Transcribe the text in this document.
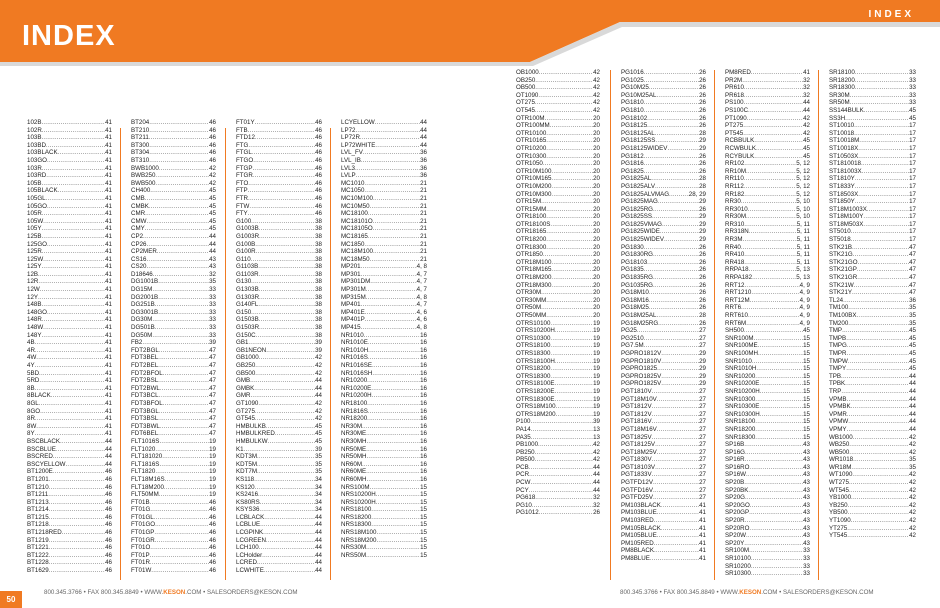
INDEX
INDEX
102B .....	41
102R .....	41
103B .....	41
103BD .....	41
103BLACK .....	41
103GO .....	41
103R .....	41
103RD .....	41
105B .....	41
105BLACK .....	41
105GL .....	41
105GO .....	41
105R .....	41
105W .....	41
105Y .....	41
125B .....	41
125GO .....	41
125R .....	41
125W .....	41
125Y .....	41
12B .....	41
12R .....	41
12W .....	41
12Y .....	41
148B .....	41
148GO .....	41
148R .....	41
148W .....	41
148Y .....	41
4B .....	41
4R .....	41
4W .....	41
4Y .....	41
5BD .....	41
5RD .....	41
8B .....	41
8BLACK .....	41
8GL .....	41
8GO .....	41
8R .....	41
8W .....	41
8Y .....	41
BSCBLACK .....	44
BSCBLUE .....	44
BSCRED .....	44
BSCYELLOW .....	44
BT1200E .....	46
BT1201 .....	46
BT1210 .....	46
BT1211 .....	46
BT1213 .....	46
BT1214 .....	46
BT1215 .....	46
BT1218 .....	46
BT1218RED .....	46
BT1219 .....	46
BT1221 .....	46
BT1222 .....	46
BT1228 .....	46
BT1629 .....	46
BT204 .....	46
BT210 .....	46
BT211 .....	46
BT300 .....	46
BT304 .....	46
BT310 .....	46
BWB1000 .....	42
BWB250 .....	42
BWB500 .....	42
CH400 .....	45
CMB .....	45
CMBK .....	45
CMR .....	45
CMW .....	45
CMY .....	45
CP2 .....	44
CP26 .....	44
CP2MER .....	44
CS16 .....	43
CS20 .....	43
D18646 .....	32
DG1001B .....	35
DG15M .....	33
DG2001B .....	33
DG251B .....	33
DG3001B .....	33
DG30M .....	33
DG501B .....	33
DG50M .....	33
FB2 .....	39
FDT2BGL .....	47
FDT3BEL .....	47
FDT2BEL .....	47
FDT2BFOL .....	47
FDT2BSL .....	47
FDT2BWL .....	47
FDT3BCL .....	47
FDT3BFOL .....	47
FDT3BGL .....	47
FDT3BSL .....	47
FDT3BWL .....	47
FDT6BEL .....	47
FLT1016S .....	19
FLT1020 .....	19
FLT181020 .....	19
FLT1816S .....	19
FLT1820 .....	19
FLT18M16S .....	19
FLT18M200 .....	19
FLT50MM .....	19
FT01B .....	46
FT01G .....	46
FT01GL .....	46
FT01GO .....	46
FT01GP .....	46
FT01GR .....	46
FT01O .....	46
FT01P .....	46
FT01R .....	46
FT01W .....	46
FT01Y .....	46
FTB .....	46
FTD12 .....	46
FTG .....	46
FTGL .....	46
FTGO .....	46
FTGP .....	46
FTGR .....	46
FTO .....	46
FTP .....	46
FTR .....	46
FTW .....	46
FTY .....	46
G100 .....	38
G1003B .....	38
G1003R .....	38
G100B .....	38
G100R .....	38
G110 .....	38
G1103B .....	38
G1103R .....	38
G130 .....	38
G1303B .....	38
G1303R .....	38
G140FL .....	38
G150 .....	38
G1503B .....	38
G1503R .....	38
G150C .....	38
GB1 .....	39
GB1NEON .....	39
GB1000 .....	42
GB250 .....	42
GB500 .....	42
GMB .....	44
GMBK .....	44
GMR .....	44
GT1090 .....	42
GT275 .....	42
GT545 .....	42
HMBULKB .....	45
HMBULKRED .....	45
HMBULKW .....	45
K1 .....	39
KDT3M .....	35
KDT5M .....	35
KDT7M .....	35
KS118 .....	34
KS120 .....	34
KS2416 .....	34
KS80RS .....	34
KSYS36 .....	34
LCBLACK .....	44
LCBLUE .....	44
LCGPINK .....	44
LCGREEN .....	44
LCH100 .....	44
LCHolder .....	44
LCRED .....	44
LCWHITE .....	44
LCYELLOW .....	44
LP72 .....	44
LP72R .....	44
LP72WHITE .....	44
LVL_FV .....	36
LVL_IB .....	36
LVL3 .....	36
LVLP .....	36
MC1010 .....	21
MC1050 .....	21
MC10M100 .....	21
MC10M50 .....	21
MC18100 .....	21
MC18101O .....	21
MC18105O .....	21
MC18165 .....	21
MC1850 .....	21
MC18M100 .....	21
MC18M50 .....	21
MP201 .....	4, 8
MP301 .....	4, 7
MP301DM .....	4, 7
MP301M .....	4, 7
MP315M .....	4, 8
MP401 .....	4, 7
MP401E .....	4, 6
MP401P .....	4, 6
MP415 .....	4, 8
NR1010 .....	16
NR1010E .....	16
NR1010H .....	16
NR1016S .....	16
NR1016SE .....	16
NR1016SH .....	16
NR10200 .....	16
NR10200E .....	16
NR10200H .....	16
NR18100 .....	16
NR1816S .....	16
NR18200 .....	16
NR30M .....	16
NR30ME .....	16
NR30MH .....	16
NR50ME .....	16
NR50MH .....	16
NR60M .....	16
NR60ME .....	16
NR60MH .....	16
NRS100M .....	15
NRS10200H .....	15
NRS10200H .....	15
NRS18100 .....	15
NRS18200 .....	15
NRS18300 .....	15
NRS18M100 .....	15
NRS18M200 .....	15
NRS30M .....	15
NRS50M .....	15
OB1000 .....	42
OB250 .....	42
OB500 .....	42
OT1090 .....	42
OT275 .....	42
OT545 .....	42
OTR100M .....	20
OTR100MM .....	20
OTR10100 .....	20
OTR10165 .....	20
OTR10200 .....	20
OTR10300 .....	20
OTR1050 .....	20
OTR10M100 .....	20
OTR10M165 .....	20
OTR10M200 .....	20
OTR10M300 .....	20
OTR15M .....	20
OTR15MM .....	20
OTR18100 .....	20
OTR18100S .....	20
OTR18165 .....	20
OTR18200 .....	20
OTR18300 .....	20
OTR1850 .....	20
OTR18M100 .....	20
OTR18M165 .....	20
OTR18M200 .....	20
OTR18M300 .....	20
OTR30M .....	20
OTR30MM .....	20
OTR50M .....	20
OTR50MM .....	20
OTRS10100 .....	19
OTRS10200H .....	19
OTRS10300 .....	19
OTRS18100 .....	19
OTRS18300 .....	19
OTRS18100H .....	19
OTRS18200 .....	19
OTRS18300 .....	19
OTRS18100E .....	19
OTRS18200E .....	19
OTRS18300E .....	19
OTRS18M100 .....	19
OTRS18M200 .....	19
P100 .....	39
PA14 .....	13
PA35 .....	13
PB1000 .....	42
PB250 .....	42
PB500 .....	42
PCB .....	44
PCR .....	44
PCW .....	44
PCY .....	44
PG618 .....	32
PG10 .....	32
PG1012 .....	26
PG1016 .....	26
PG1025 .....	26
PG10M25 .....	26
PG10M25AL .....	26
PG1810 .....	26
PG1810 .....	26
PG18102 .....	26
PG18125 .....	26
PG18125AL .....	28
PG18125SS .....	29
PG18125WIDEV .....	29
PG1812 .....	26
PG1816 .....	26
PG1825 .....	26
PG1825AL .....	28
PG1825ALV .....	28
PG1825ALVMAG .....	28, 29
PG1825MAG .....	29
PG1825RG .....	26
PG1825SS .....	29
PG1825VMAG .....	29
PG1825WIDE .....	29
PG1825WIDEV .....	29
PG1830 .....	26
PG1830RG .....	26
PG18103 .....	26
PG1835 .....	26
PG1835RG .....	26
PG1035RG .....	26
PG18M10 .....	26
PG18M16 .....	26
PG18M25 .....	26
PG18M25AL .....	28
PG18M25RG .....	26
PG25 .....	27
PG2510 .....	27
PG7.5M .....	27
PGPRO1812V .....	29
PGPRO1810V .....	29
PGPRO1825 .....	29
PGPRO1825V .....	29
PGPRO1825V .....	29
PGT1810V .....	27
PGT18M10V .....	27
PGT1812V .....	27
PGT1812V .....	27
PGT1816V .....	27
PGT18M16V .....	27
PGT1825V .....	27
PGT18125V .....	27
PGT18M25V .....	27
PGT1830V .....	27
PGT18103V .....	27
PGT1833V .....	27
PGTFD12V .....	27
PGTFD16V .....	27
PGTFD25V .....	27
PM103BLACK .....	41
PM103BLUE .....	41
PM103RED .....	41
PM105BLACK .....	41
PM105BLUE .....	41
PM105RED .....	41
PM8BLACK .....	41
PM8BLUE .....	41
PM8RED .....	41
PR2M .....	32
PR610 .....	32
PR618 .....	32
PS100 .....	44
PS100C .....	44
PT1090 .....	42
PT275 .....	42
PT545 .....	42
RCBBULK .....	45
RCWBULK .....	45
RCYBULK .....	45
RR102 .....	5, 12
RR10M .....	5, 12
RR110 .....	5, 12
RR112 .....	5, 12
RR182 .....	5, 12
RR30 .....	5, 10
RR3010 .....	5, 10
RR30M .....	5, 10
RR310 .....	5, 11
RR318N .....	5, 11
RR3M .....	5, 11
RR40 .....	5, 11
RR410 .....	5, 11
RR418 .....	5, 11
RRPA18 .....	5, 13
RRPA182 .....	5, 13
RRT12 .....	4, 9
RRT1210 .....	4, 9
RRT12M .....	4, 9
RRT6 .....	4, 9
RRT610 .....	4, 9
RRT6M .....	4, 9
SH500 .....	45
SNR100M .....	15
SNR100ME .....	15
SNR100MH .....	15
SNR1010 .....	15
SNR1010H .....	15
SNR10200 .....	15
SNR10200E .....	15
SNR10200H .....	15
SNR10300 .....	15
SNR10300E .....	15
SNR10300H .....	15
SNR18100 .....	15
SNR18200 .....	15
SNR18300 .....	15
SP16B .....	43
SP16G .....	43
SP16R .....	43
SP16RO .....	43
SP16W .....	43
SP20B .....	43
SP20BK .....	43
SP20G .....	43
SP20GO .....	43
SP20GP .....	43
SP20R .....	43
SP20RO .....	43
SP20W .....	43
SP20Y .....	43
SR100M .....	33
SR10100 .....	33
SR10200 .....	33
SR10300 .....	33
SR18100 .....	33
SR18200 .....	33
SR18300 .....	33
SR30M .....	33
SR50M .....	33
SS144BULK .....	45
SS3H .....	45
ST10010 .....	17
ST10018 .....	17
ST10018M .....	17
ST10018X .....	17
ST10503X .....	17
ST1810018 .....	17
ST181003X .....	17
ST1810Y .....	17
ST1833Y .....	17
ST18503X .....	17
ST1850Y .....	17
ST18M1003X .....	17
ST18M100Y .....	17
ST18M503X .....	17
ST5010 .....	17
ST5018 .....	17
STK21B .....	47
STK21G .....	47
STK21GO .....	47
STK21GP .....	47
STK21GR .....	47
STK21W .....	47
STK21Y .....	47
TL24 .....	36
TM100 .....	35
TM100BX .....	35
TM200 .....	35
TMP .....	45
TMPB .....	45
TMPG .....	45
TMPR .....	45
TMPW .....	45
TMPY .....	45
TPB .....	44
TPBK .....	44
TRP .....	44
VPMB .....	44
VPMBK .....	44
VPMR .....	44
VPMW .....	44
VPMY .....	44
WB1000 .....	42
WB250 .....	42
WB500 .....	42
WR1018 .....	35
WR18M .....	35
WT1090 .....	42
WT275 .....	42
WT545 .....	42
YB1000 .....	42
YB250 .....	42
YB500 .....	42
YT1090 .....	42
YT275 .....	42
YT545 .....	42
50
800.345.3766 • FAX 800.345.8849 • WWW.KESON.COM • SALESORDERS@KESON.COM	800.345.3766 • FAX 800.345.8849 • WWW.KESON.COM • SALESORDERS@KESON.COM
